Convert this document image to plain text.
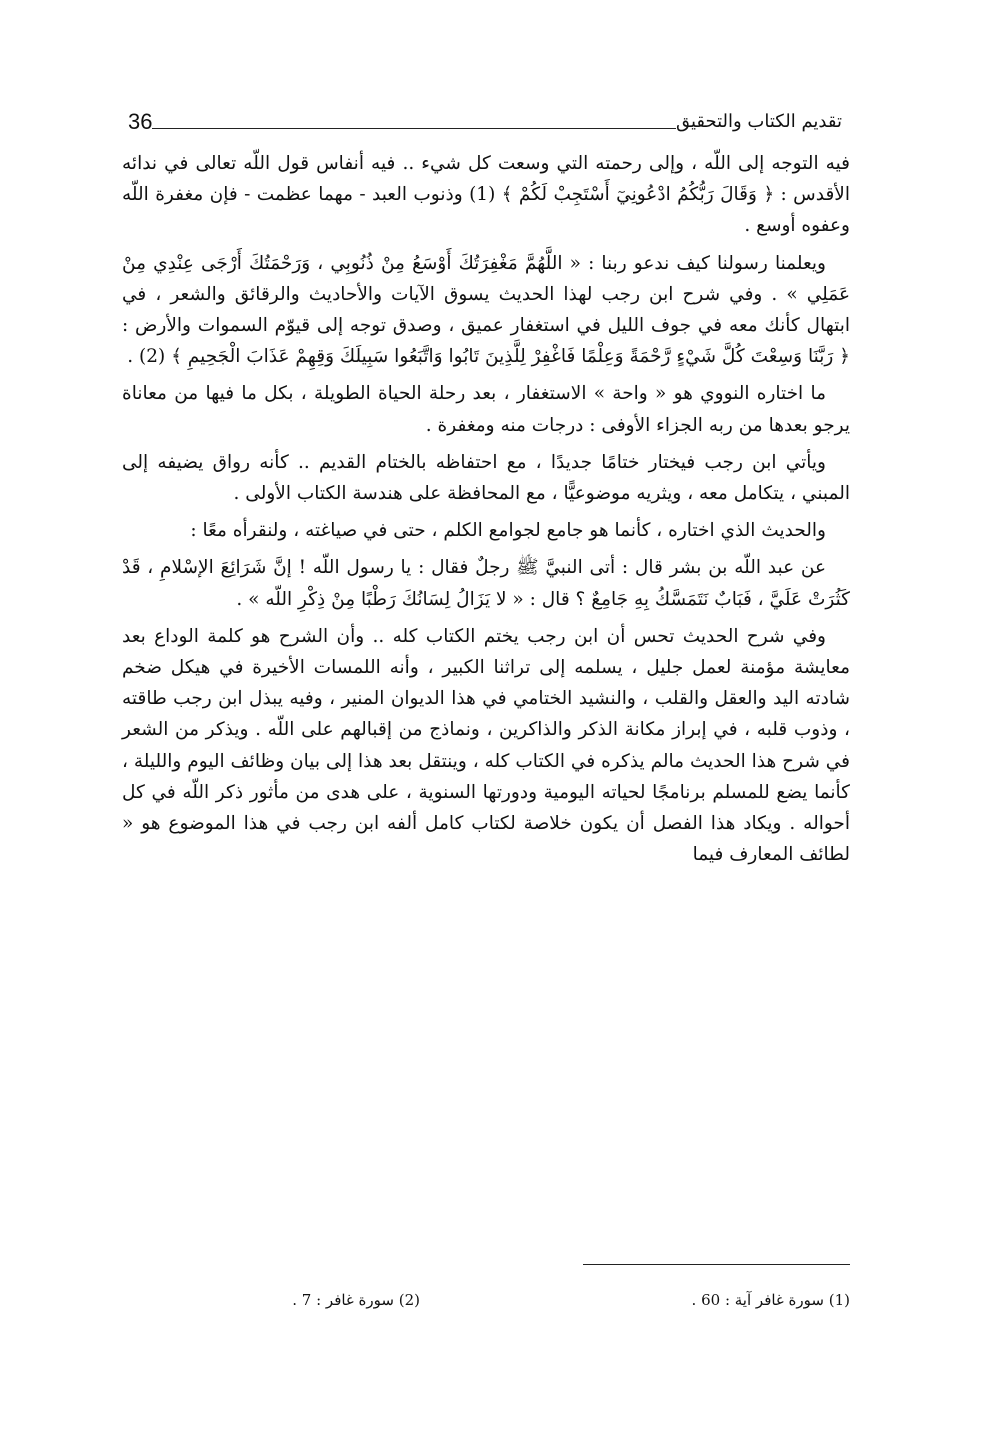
تقديم الكتاب والتحقيق
36

فيه التوجه إلى اللّه ، وإلى رحمته التي وسعت كل شيء .. فيه أنفاس قول اللّه تعالى في ندائه الأقدس : ﴿ وَقَالَ رَبُّكُمُ ادْعُونِيٓ أَسْتَجِبْ لَكُمْ ﴾ (1) وذنوب العبد - مهما عظمت - فإن مغفرة اللّه وعفوه أوسع .

ويعلمنا رسولنا كيف ندعو ربنا : « اللَّهُمَّ مَغْفِرَتُكَ أَوْسَعُ مِنْ ذُنُوبِي ، وَرَحْمَتُكَ أَرْجَى عِنْدِي مِنْ عَمَلِي » . وفي شرح ابن رجب لهذا الحديث يسوق الآيات والأحاديث والرقائق والشعر ، في ابتهال كأنك معه في جوف الليل في استغفار عميق ، وصدق توجه إلى قيوّم السموات والأرض : ﴿ رَبَّنَا وَسِعْتَ كُلَّ شَيْءٍ رَّحْمَةً وَعِلْمًا فَاغْفِرْ لِلَّذِينَ تَابُوا وَاتَّبَعُوا سَبِيلَكَ وَقِهِمْ عَذَابَ الْجَحِيمِ ﴾ (2) .

ما اختاره النووي هو « واحة » الاستغفار ، بعد رحلة الحياة الطويلة ، بكل ما فيها من معاناة يرجو بعدها من ربه الجزاء الأوفى : درجات منه ومغفرة .

ويأتي ابن رجب فيختار ختامًا جديدًا ، مع احتفاظه بالختام القديم .. كأنه رواق يضيفه إلى المبني ، يتكامل معه ، ويثريه موضوعيًّا ، مع المحافظة على هندسة الكتاب الأولى .

والحديث الذي اختاره ، كأنما هو جامع لجوامع الكلم ، حتى في صياغته ، ولنقرأه معًا :

عن عبد اللّه بن بشر قال : أتى النبيَّ ﷺ رجلٌ فقال : يا رسول اللّه ! إنَّ شَرَائِعَ الإسْلامِ ، قَدْ كَثُرَتْ عَلَيَّ ، فَبَابٌ نَتَمَسَّكُ بِهِ جَامِعٌ ؟ قال : « لا يَزَالُ لِسَانُكَ رَطْبًا مِنْ ذِكْرِ اللّه » .

وفي شرح الحديث تحس أن ابن رجب يختم الكتاب كله .. وأن الشرح هو كلمة الوداع بعد معايشة مؤمنة لعمل جليل ، يسلمه إلى تراثنا الكبير ، وأنه اللمسات الأخيرة في هيكل ضخم شادته اليد والعقل والقلب ، والنشيد الختامي في هذا الديوان المنير ، وفيه يبذل ابن رجب طاقته ، وذوب قلبه ، في إبراز مكانة الذكر والذاكرين ، ونماذج من إقبالهم على اللّه . ويذكر من الشعر في شرح هذا الحديث مالم يذكره في الكتاب كله ، وينتقل بعد هذا إلى بيان وظائف اليوم والليلة ، كأنما يضع للمسلم برنامجًا لحياته اليومية ودورتها السنوية ، على هدى من مأثور ذكر اللّه في كل أحواله . ويكاد هذا الفصل أن يكون خلاصة لكتاب كامل ألفه ابن رجب في هذا الموضوع هو « لطائف المعارف فيما

(1) سورة غافر آية : 60 .
(2) سورة غافر : 7 .
